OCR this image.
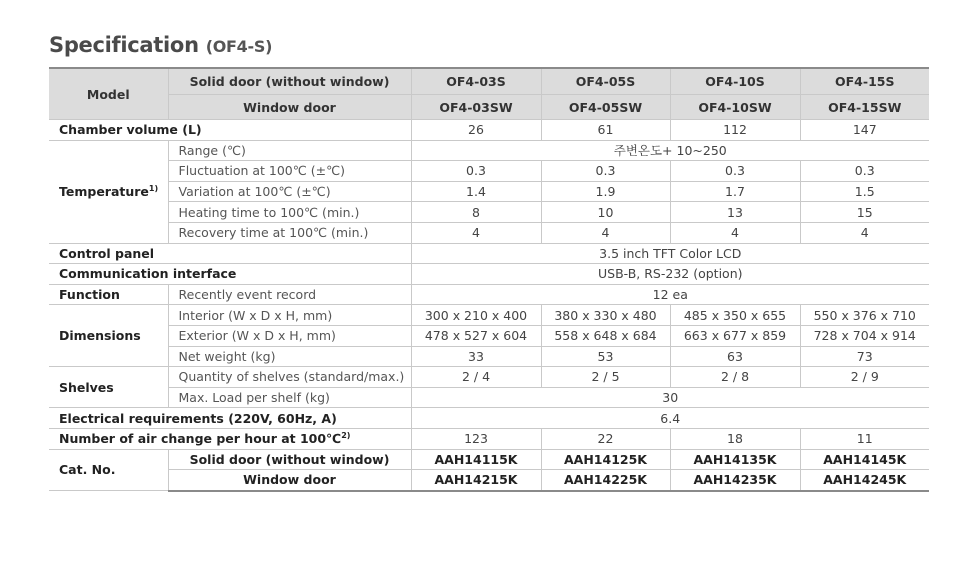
Specification (OF4-S)
Model	Solid door (without window)	OF4-03S	OF4-05S	OF4-10S	OF4-15S
	Window door	OF4-03SW	OF4-05SW	OF4-10SW	OF4-15SW
Chamber volume (L)		26	61	112	147
Temperature$^{1)}$	Range (℃)	주변온도+ 10~250			
	Fluctuation at 100℃ (±℃)	0.3	0.3	0.3	0.3
	Variation at 100℃ (±℃)	1.4	1.9	1.7	1.5
	Heating time to 100℃ (min.)	8	10	13	15
	Recovery time at 100℃ (min.)	4	4	4	4
Control panel		3.5 inch TFT Color LCD			
Communication interface		USB-B, RS-232 (option)			
Function	Recently event record	12 ea			
Dimensions	Interior (W x D x H, mm)	300 x 210 x 400	380 x 330 x 480	485 x 350 x 655	550 x 376 x 710
	Exterior (W x D x H, mm)	478 x 527 x 604	558 x 648 x 684	663 x 677 x 859	728 x 704 x 914
	Net weight (kg)	33	53	63	73
Shelves	Quantity of shelves (standard/max.)	2 / 4	2 / 5	2 / 8	2 / 9
	Max. Load per shelf (kg)	30			
Electrical requirements (220V, 60Hz, A)		6.4			
Number of air change per hour at 100℃$^{2)}$		123	22	18	11
Cat. No.	Solid door (without window)	AAH14115K	AAH14125K	AAH14135K	AAH14145K
	Window door	AAH14215K	AAH14225K	AAH14235K	AAH14245K
